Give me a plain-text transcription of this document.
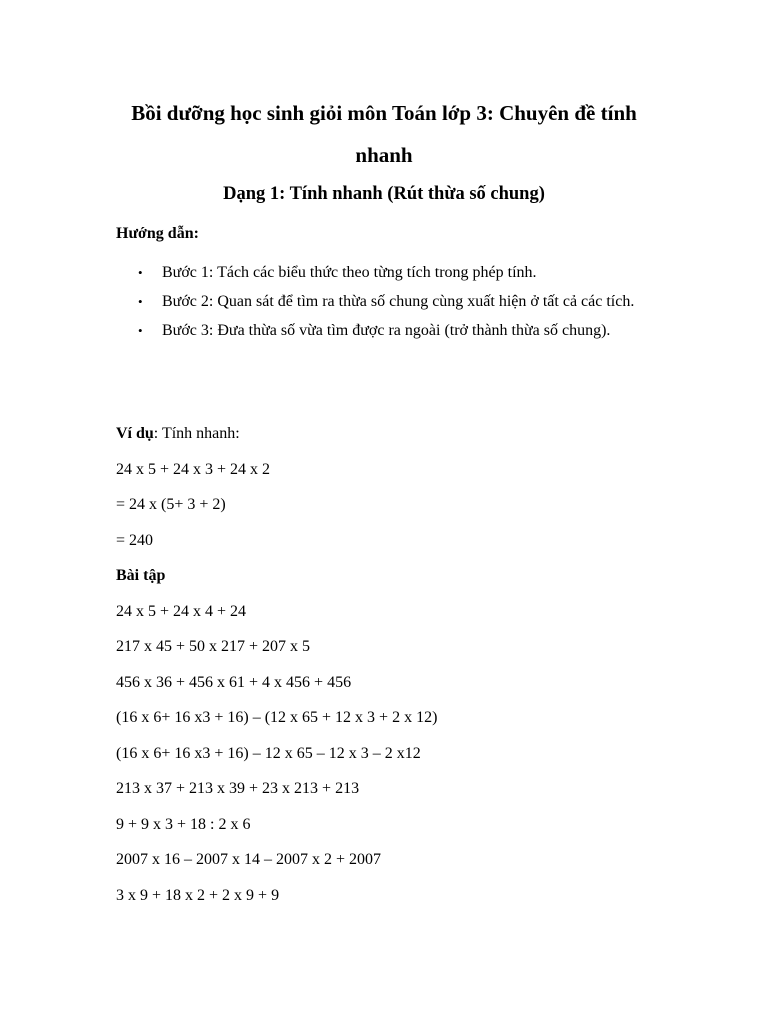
Bồi dưỡng học sinh giỏi môn Toán lớp 3: Chuyên đề tính nhanh
Dạng 1: Tính nhanh (Rút thừa số chung)

Hướng dẫn:

• Bước 1: Tách các biểu thức theo từng tích trong phép tính.
• Bước 2: Quan sát để tìm ra thừa số chung cùng xuất hiện ở tất cả các tích.
• Bước 3: Đưa thừa số vừa tìm được ra ngoài (trở thành thừa số chung).
Ví dụ: Tính nhanh:
24 x 5 + 24 x 3 + 24 x 2
= 24 x (5+ 3 + 2)
= 240
Bài tập
24 x 5 + 24 x 4 + 24
217 x 45 + 50 x 217 + 207 x 5
456 x 36 + 456 x 61 + 4 x 456 + 456
(16 x 6+ 16 x3 + 16) – (12 x 65 + 12 x 3 + 2 x 12)
(16 x 6+ 16 x3 + 16) – 12 x 65 – 12 x 3 – 2 x12
213 x 37 + 213 x 39 + 23 x 213 + 213
9 + 9 x 3 + 18 : 2 x 6
2007 x 16 – 2007 x 14 – 2007 x 2 + 2007
3 x 9 + 18 x 2 + 2 x 9 + 9
